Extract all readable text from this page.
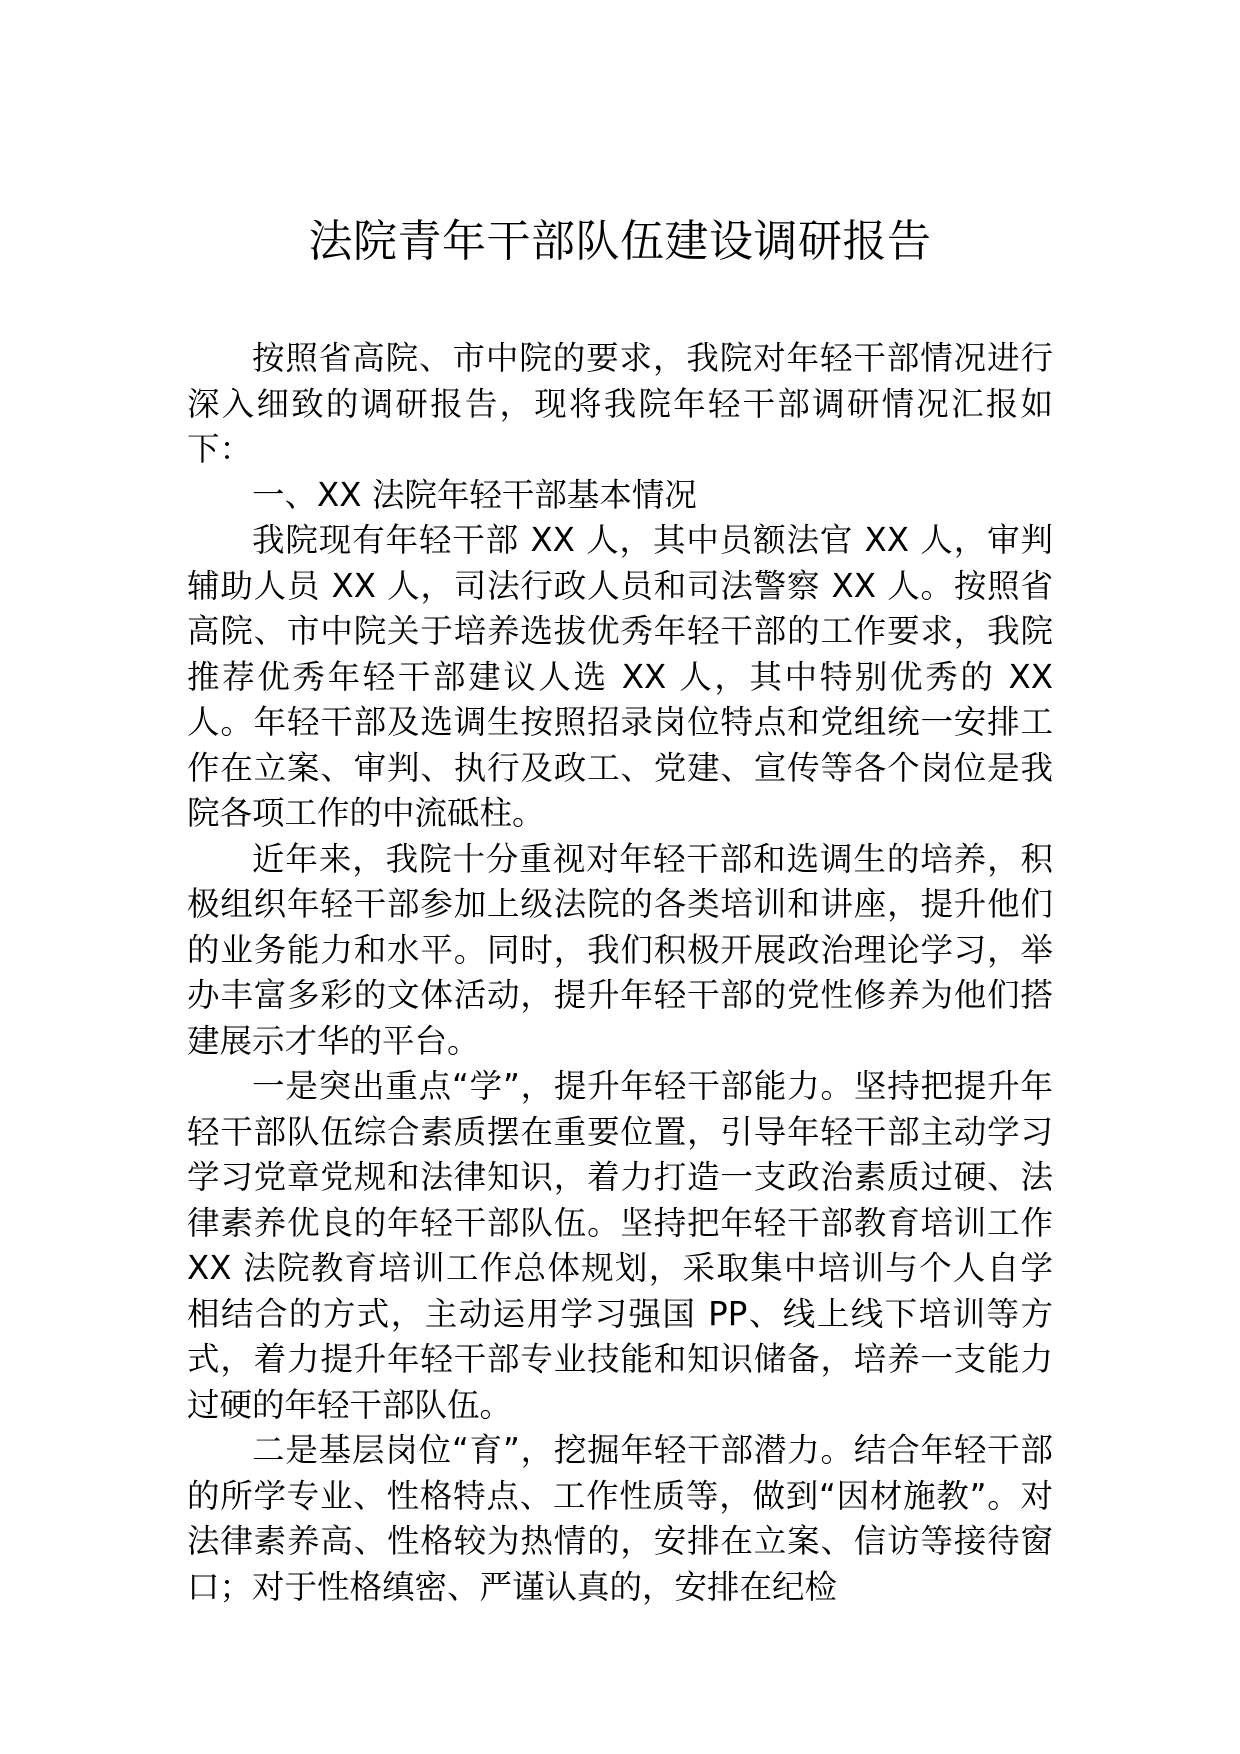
法院青年干部队伍建设调研报告

按照省高院、市中院的要求，我院对年轻干部情况进行深入细致的调研报告，现将我院年轻干部调研情况汇报如下：

一、XX 法院年轻干部基本情况

我院现有年轻干部 XX 人，其中员额法官 XX 人，审判辅助人员 XX 人，司法行政人员和司法警察 XX 人。按照省高院、市中院关于培养选拔优秀年轻干部的工作要求，我院推荐优秀年轻干部建议人选 XX 人，其中特别优秀的 XX 人。年轻干部及选调生按照招录岗位特点和党组统一安排工作在立案、审判、执行及政工、党建、宣传等各个岗位是我院各项工作的中流砥柱。

近年来，我院十分重视对年轻干部和选调生的培养，积极组织年轻干部参加上级法院的各类培训和讲座，提升他们的业务能力和水平。同时，我们积极开展政治理论学习，举办丰富多彩的文体活动，提升年轻干部的党性修养为他们搭建展示才华的平台。

一是突出重点“学”，提升年轻干部能力。坚持把提升年轻干部队伍综合素质摆在重要位置，引导年轻干部主动学习学习党章党规和法律知识，着力打造一支政治素质过硬、法律素养优良的年轻干部队伍。坚持把年轻干部教育培训工作 XX 法院教育培训工作总体规划，采取集中培训与个人自学相结合的方式，主动运用学习强国 PP、线上线下培训等方式，着力提升年轻干部专业技能和知识储备，培养一支能力过硬的年轻干部队伍。

二是基层岗位“育”，挖掘年轻干部潜力。结合年轻干部的所学专业、性格特点、工作性质等，做到“因材施教”。对法律素养高、性格较为热情的，安排在立案、信访等接待窗口；对于性格缜密、严谨认真的，安排在纪检
